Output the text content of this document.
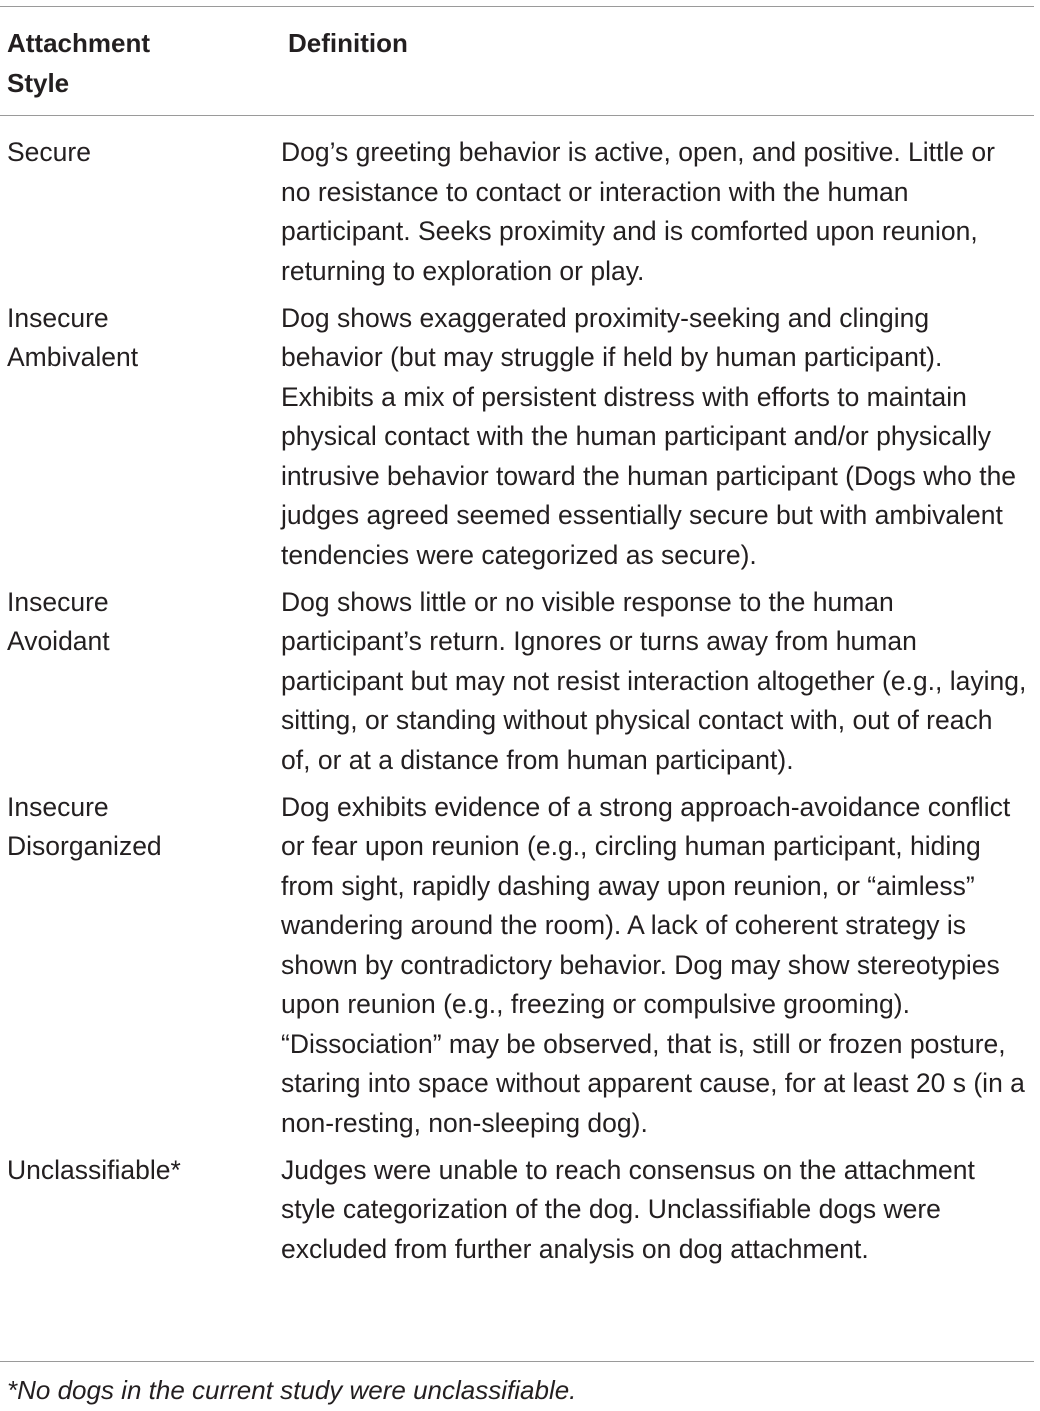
Attachment
Style
Definition
Secure	Dog’s greeting behavior is active, open, and positive. Little or no resistance to contact or interaction with the human participant. Seeks proximity and is comforted upon reunion, returning to exploration or play.
Insecure
Ambivalent
Dog shows exaggerated proximity-seeking and clinging behavior (but may struggle if held by human participant). Exhibits a mix of persistent distress with efforts to maintain physical contact with the human participant and/or physically intrusive behavior toward the human participant (Dogs who the judges agreed seemed essentially secure but with ambivalent tendencies were categorized as secure).
Insecure
Avoidant
Dog shows little or no visible response to the human participant’s return. Ignores or turns away from human participant but may not resist interaction altogether (e.g., laying, sitting, or standing without physical contact with, out of reach of, or at a distance from human participant).
Insecure
Disorganized
Dog exhibits evidence of a strong approach-avoidance conflict or fear upon reunion (e.g., circling human participant, hiding from sight, rapidly dashing away upon reunion, or “aimless” wandering around the room). A lack of coherent strategy is shown by contradictory behavior. Dog may show stereotypies upon reunion (e.g., freezing or compulsive grooming). “Dissociation” may be observed, that is, still or frozen posture, staring into space without apparent cause, for at least 20 s (in a non-resting, non-sleeping dog).
Unclassifiable*	Judges were unable to reach consensus on the attachment style categorization of the dog. Unclassifiable dogs were excluded from further analysis on dog attachment.
*No dogs in the current study were unclassifiable.
